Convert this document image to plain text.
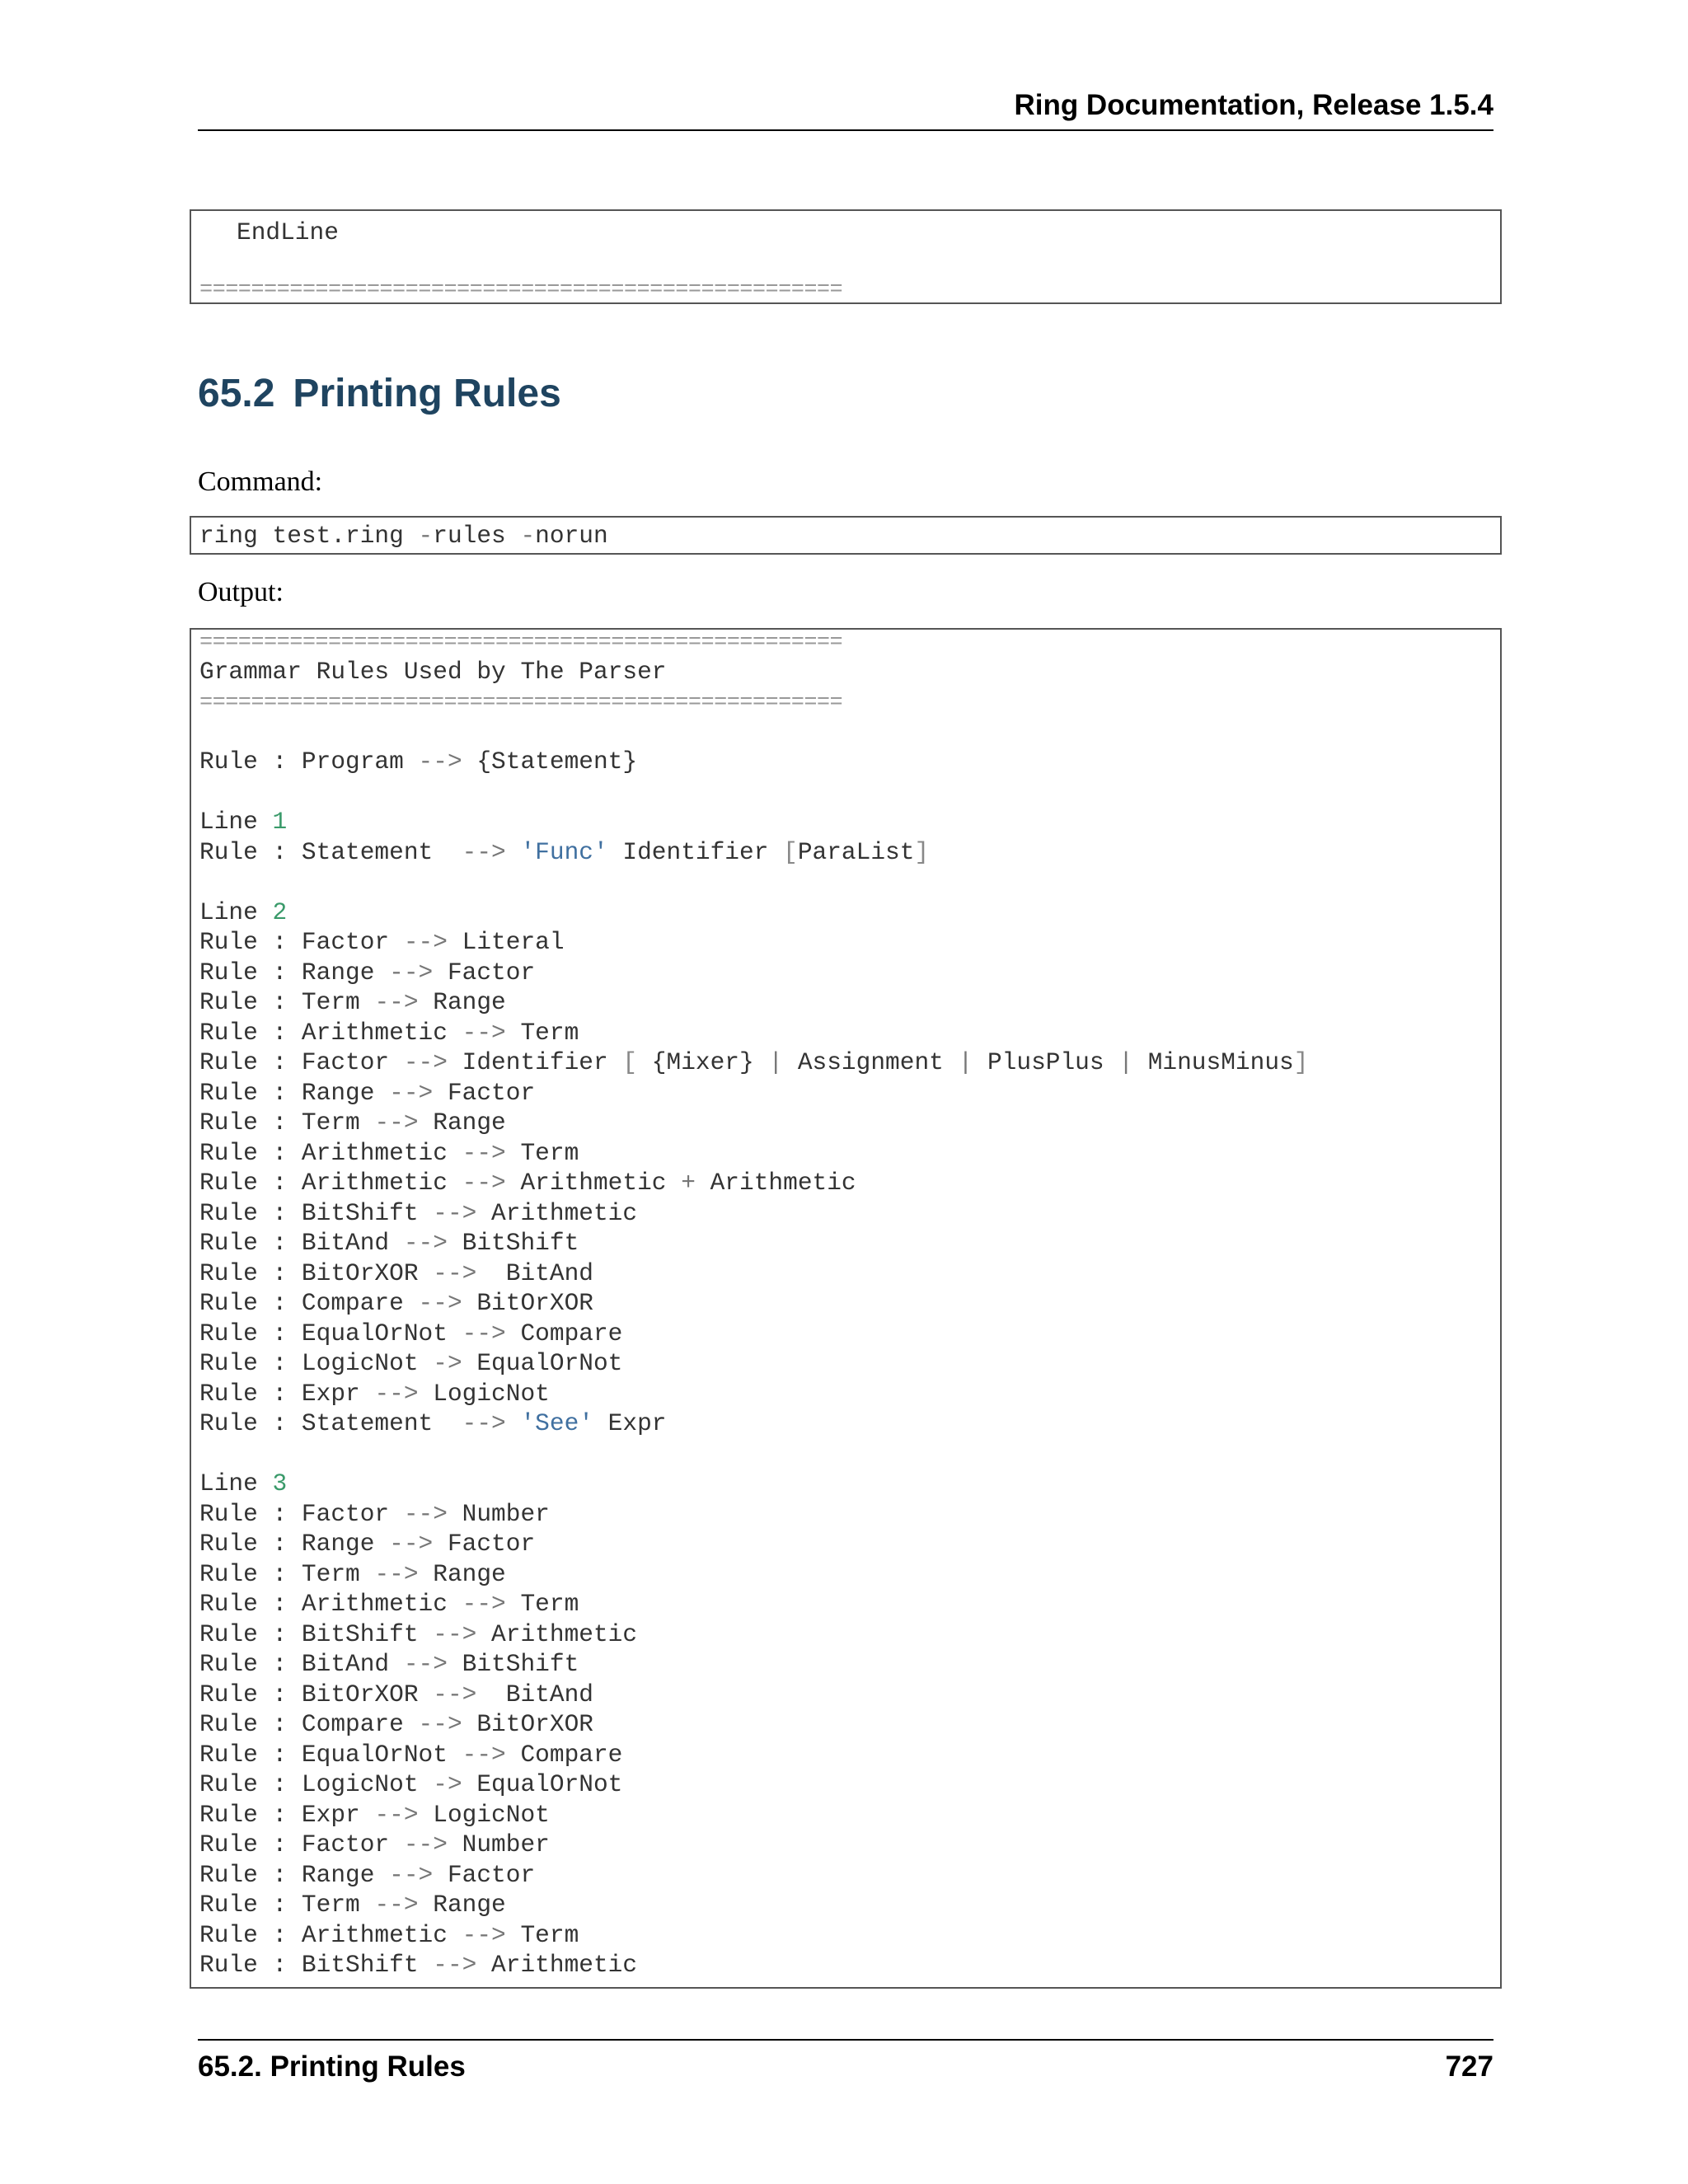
Ring Documentation, Release 1.5.4

EndLine

==================================================

65.2 Printing Rules
Command:

ring test.ring -rules -norun

Output:

==================================================
Grammar Rules Used by The Parser
==================================================
Rule : Program --> {Statement}
Line 1
Rule : Statement  --> 'Func' Identifier [ParaList]
Line 2
Rule : Factor --> Literal
Rule : Range --> Factor
Rule : Term --> Range
Rule : Arithmetic --> Term
Rule : Factor --> Identifier [ {Mixer} | Assignment | PlusPlus | MinusMinus]
Rule : Range --> Factor
Rule : Term --> Range
Rule : Arithmetic --> Term
Rule : Arithmetic --> Arithmetic + Arithmetic
Rule : BitShift --> Arithmetic
Rule : BitAnd --> BitShift
Rule : BitOrXOR -->  BitAnd
Rule : Compare --> BitOrXOR
Rule : EqualOrNot --> Compare
Rule : LogicNot -> EqualOrNot
Rule : Expr --> LogicNot
Rule : Statement  --> 'See' Expr
Line 3
Rule : Factor --> Number
Rule : Range --> Factor
Rule : Term --> Range
Rule : Arithmetic --> Term
Rule : BitShift --> Arithmetic
Rule : BitAnd --> BitShift
Rule : BitOrXOR -->  BitAnd
Rule : Compare --> BitOrXOR
Rule : EqualOrNot --> Compare
Rule : LogicNot -> EqualOrNot
Rule : Expr --> LogicNot
Rule : Factor --> Number
Rule : Range --> Factor
Rule : Term --> Range
Rule : Arithmetic --> Term
Rule : BitShift --> Arithmetic

65.2. Printing Rules	727
